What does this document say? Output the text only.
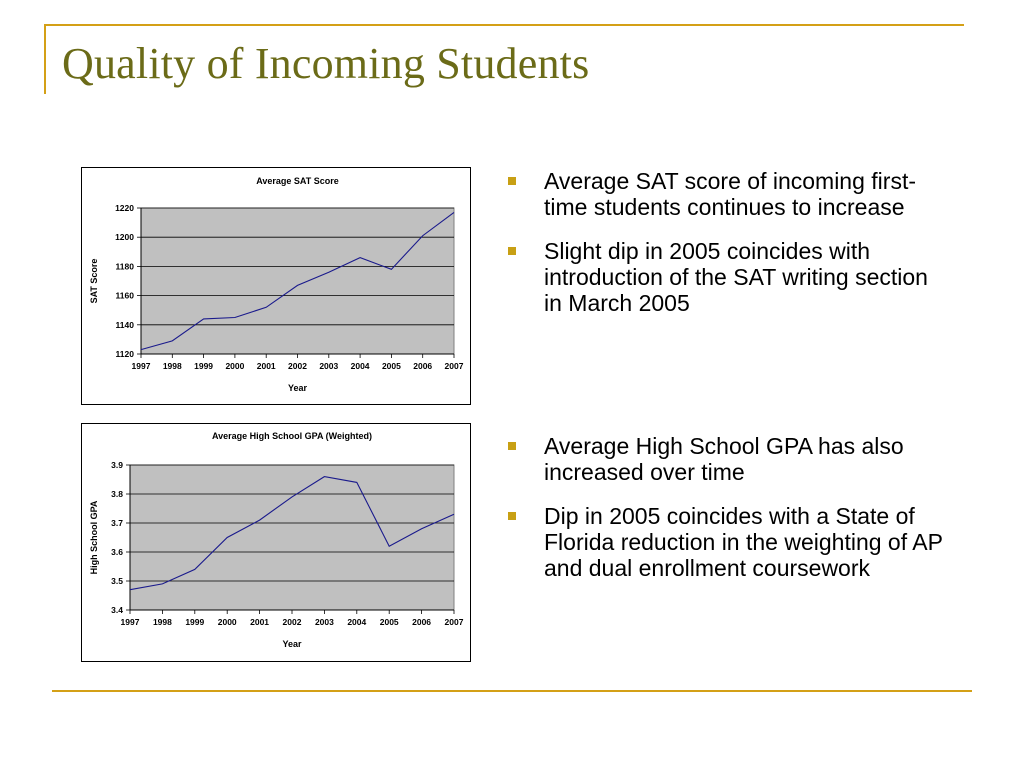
Quality of Incoming Students
Average SAT Score
1120
1140
1160
1180
1200
1220
1997 1998 1999 2000 2001 2002 2003 2004 2005 2006 2007
Year
SAT Score
Average High School GPA (Weighted)
3.4
3.5
3.6
3.7
3.8
3.9
1997 1998 1999 2000 2001 2002 2003 2004 2005 2006 2007
Year
High School GPA
Average SAT score of incoming first-time students continues to increase
Slight dip in 2005 coincides with introduction of the SAT writing section in March 2005
Average High School GPA has also increased over time
Dip in 2005 coincides with a State of Florida reduction in the weighting of AP and dual enrollment coursework
